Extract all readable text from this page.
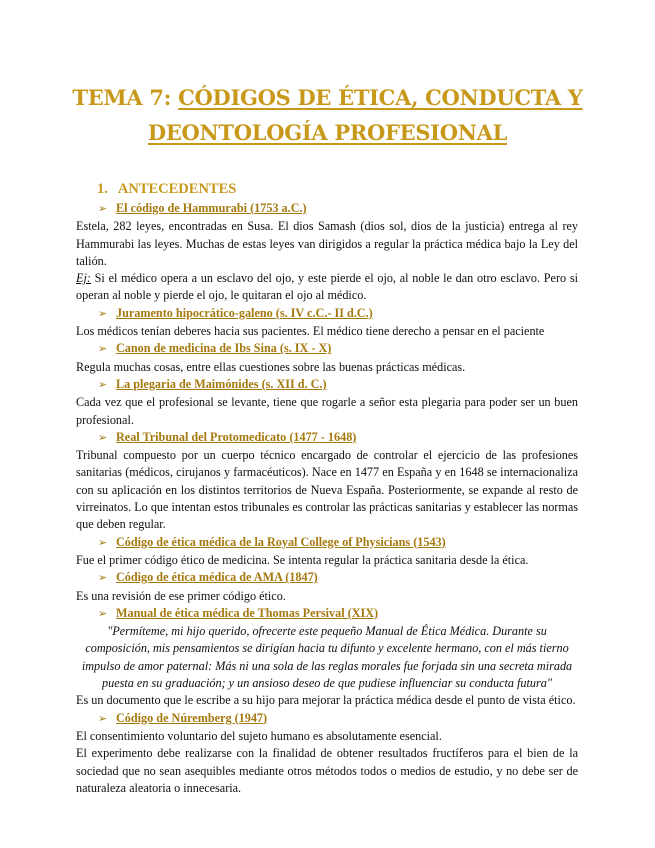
TEMA 7: CÓDIGOS DE ÉTICA, CONDUCTA Y
DEONTOLOGÍA PROFESIONAL
1. ANTECEDENTES
➢ El código de Hammurabi (1753 a.C.)

Estela, 282 leyes, encontradas en Susa. El dios Samash (dios sol, dios de la justicia) entrega al rey Hammurabi las leyes. Muchas de estas leyes van dirigidos a regular la práctica médica bajo la Ley del talión.

Ej: Si el médico opera a un esclavo del ojo, y este pierde el ojo, al noble le dan otro esclavo. Pero si operan al noble y pierde el ojo, le quitaran el ojo al médico.

➢ Juramento hipocrático-galeno (s. IV c.C.- II d.C.)

Los médicos tenían deberes hacia sus pacientes. El médico tiene derecho a pensar en el paciente

➢ Canon de medicina de Ibs Sina (s. IX - X)

Regula muchas cosas, entre ellas cuestiones sobre las buenas prácticas médicas.

➢ La plegaria de Maimónides (s. XII d. C.)

Cada vez que el profesional se levante, tiene que rogarle a señor esta plegaria para poder ser un buen profesional.

➢ Real Tribunal del Protomedicato (1477 - 1648)

Tribunal compuesto por un cuerpo técnico encargado de controlar el ejercicio de las profesiones sanitarias (médicos, cirujanos y farmacéuticos). Nace en 1477 en España y en 1648 se internacionaliza con su aplicación en los distintos territorios de Nueva España. Posteriormente, se expande al resto de virreinatos. Lo que intentan estos tribunales es controlar las prácticas sanitarias y establecer las normas que deben regular.

➢ Código de ética médica de la Royal College of Physicians (1543)

Fue el primer código ético de medicina. Se intenta regular la práctica sanitaria desde la ética.

➢ Código de ética médica de AMA (1847)

Es una revisión de ese primer código ético.

➢ Manual de ética médica de Thomas Persival (XIX)

"Permíteme, mi hijo querido, ofrecerte este pequeño Manual de Ética Médica. Durante su composición, mis pensamientos se dirigían hacia tu difunto y excelente hermano, con el más tierno impulso de amor paternal: Más ni una sola de las reglas morales fue forjada sin una secreta mirada puesta en su graduación; y un ansioso deseo de que pudiese influenciar su conducta futura"

Es un documento que le escribe a su hijo para mejorar la práctica médica desde el punto de vista ético.

➢ Código de Núremberg (1947)

El consentimiento voluntario del sujeto humano es absolutamente esencial.

El experimento debe realizarse con la finalidad de obtener resultados fructíferos para el bien de la sociedad que no sean asequibles mediante otros métodos todos o medios de estudio, y no debe ser de naturaleza aleatoria o innecesaria.
